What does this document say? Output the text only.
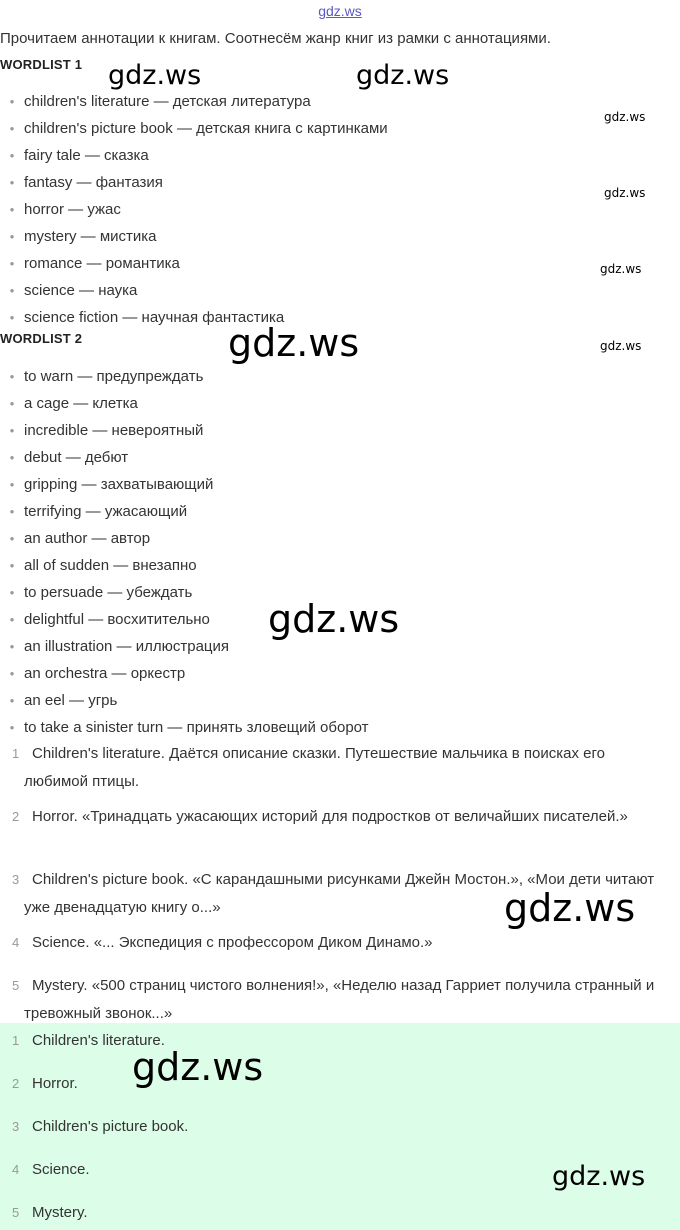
gdz.ws
Прочитаем аннотации к книгам. Соотнесём жанр книг из рамки с аннотациями.
WORDLIST 1
• children's literature — детская литература
• children's picture book — детская книга с картинками
• fairy tale — сказка
• fantasy — фантазия
• horror — ужас
• mystery — мистика
• romance — романтика
• science — наука
• science fiction — научная фантастика
WORDLIST 2
• to warn — предупреждать
• a cage — клетка
• incredible — невероятный
• debut — дебют
• gripping — захватывающий
• terrifying — ужасающий
• an author — автор
• all of sudden — внезапно
• to persuade — убеждать
• delightful — восхитительно
• an illustration — иллюстрация
• an orchestra — оркестр
• an eel — угрь
• to take a sinister turn — принять зловещий оборот
1 Children's literature. Даётся описание сказки. Путешествие мальчика в поисках его любимой птицы.
2 Horror. «Тринадцать ужасающих историй для подростков от величайших писателей.»
3 Children's picture book. «С карандашными рисунками Джейн Мостон.», «Мои дети читают уже двенадцатую книгу о...»
4 Science. «... Экспедиция с профессором Диком Динамо.»
5 Mystery. «500 страниц чистого волнения!», «Неделю назад Гарриет получила странный и тревожный звонок...»
1 Children's literature.
2 Horror.
3 Children's picture book.
4 Science.
5 Mystery.
gdz.ws	gdz.ws
gdz.ws
gdz.ws
gdz.ws
gdz.ws
gdz.ws
gdz.ws
gdz.ws
gdz.ws
gdz.ws
